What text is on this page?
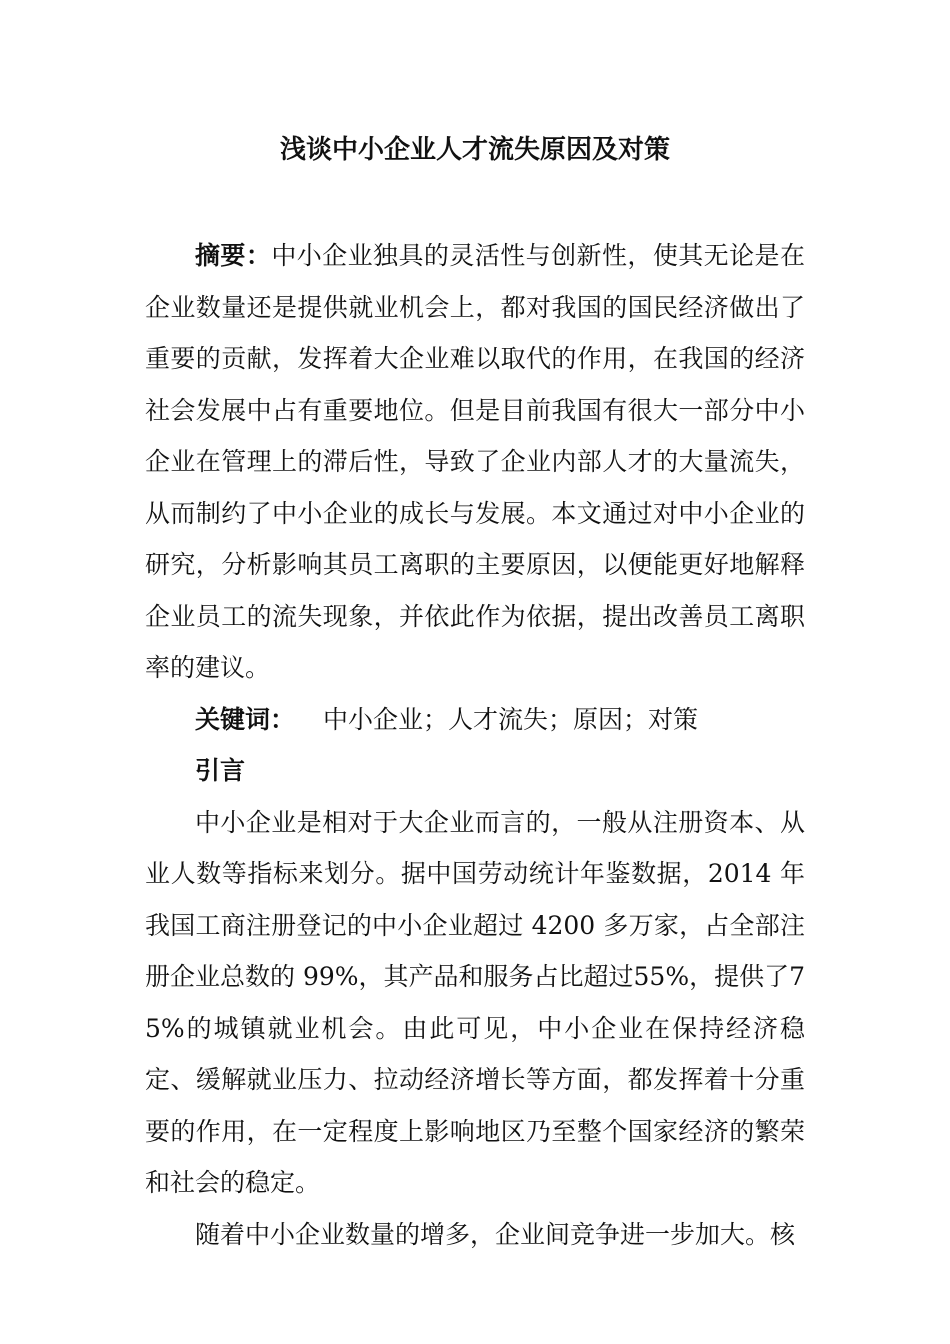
浅谈中小企业人才流失原因及对策

摘要：中小企业独具的灵活性与创新性，使其无论是在企业数量还是提供就业机会上，都对我国的国民经济做出了重要的贡献，发挥着大企业难以取代的作用，在我国的经济社会发展中占有重要地位。但是目前我国有很大一部分中小企业在管理上的滞后性，导致了企业内部人才的大量流失，从而制约了中小企业的成长与发展。本文通过对中小企业的研究，分析影响其员工离职的主要原因，以便能更好地解释企业员工的流失现象，并依此作为依据，提出改善员工离职率的建议。

关键词： 中小企业；人才流失；原因；对策

引言

中小企业是相对于大企业而言的，一般从注册资本、从业人数等指标来划分。据中国劳动统计年鉴数据，2014 年我国工商注册登记的中小企业超过 4200 多万家，占全部注册企业总数的 99%，其产品和服务占比超过55%，提供了75%的城镇就业机会。由此可见，中小企业在保持经济稳定、缓解就业压力、拉动经济增长等方面，都发挥着十分重要的作用，在一定程度上影响地区乃至整个国家经济的繁荣和社会的稳定。

随着中小企业数量的增多，企业间竞争进一步加大。核
